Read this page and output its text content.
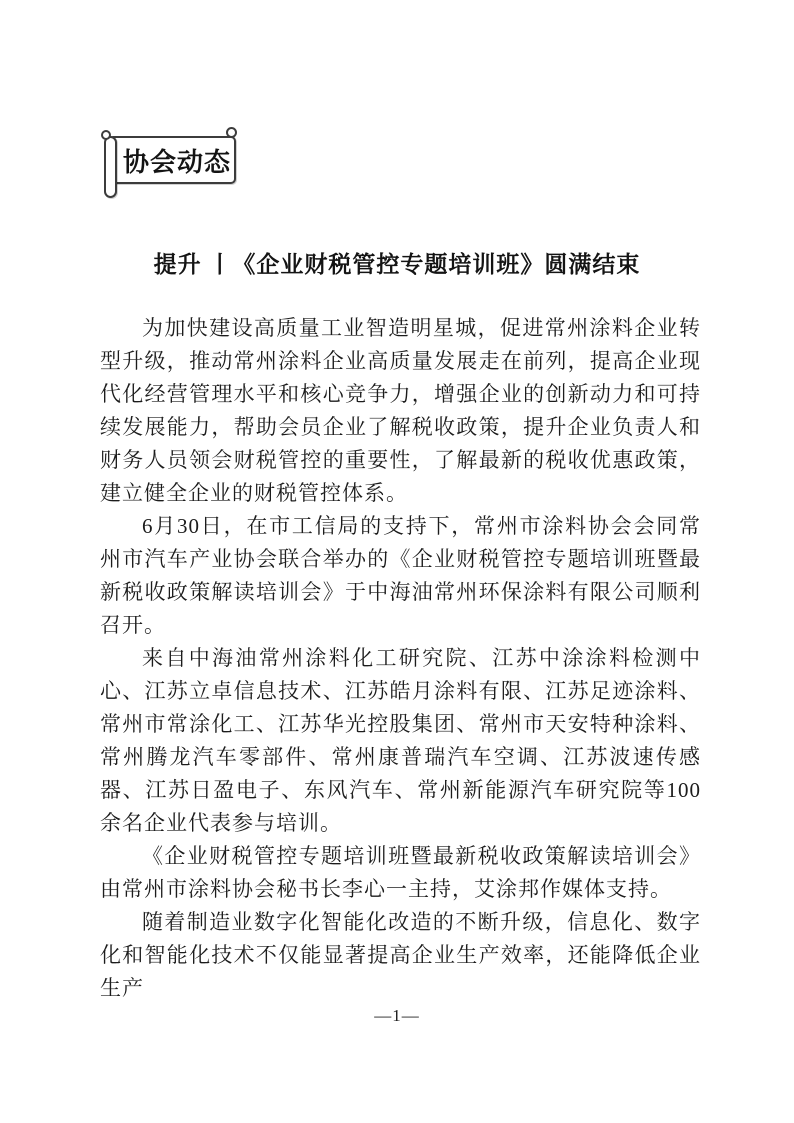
协会动态
提升 丨《企业财税管控专题培训班》圆满结束

为加快建设高质量工业智造明星城，促进常州涂料企业转型升级，推动常州涂料企业高质量发展走在前列，提高企业现代化经营管理水平和核心竞争力，增强企业的创新动力和可持续发展能力，帮助会员企业了解税收政策，提升企业负责人和财务人员领会财税管控的重要性，了解最新的税收优惠政策，建立健全企业的财税管控体系。

6月30日，在市工信局的支持下，常州市涂料协会会同常州市汽车产业协会联合举办的《企业财税管控专题培训班暨最新税收政策解读培训会》于中海油常州环保涂料有限公司顺利召开。

来自中海油常州涂料化工研究院、江苏中涂涂料检测中心、江苏立卓信息技术、江苏皓月涂料有限、江苏足迹涂料、常州市常涂化工、江苏华光控股集团、常州市天安特种涂料、常州腾龙汽车零部件、常州康普瑞汽车空调、江苏波速传感器、江苏日盈电子、东风汽车、常州新能源汽车研究院等100余名企业代表参与培训。

《企业财税管控专题培训班暨最新税收政策解读培训会》由常州市涂料协会秘书长李心一主持，艾涂邦作媒体支持。

随着制造业数字化智能化改造的不断升级，信息化、数字化和智能化技术不仅能显著提高企业生产效率，还能降低企业生产

—1—
